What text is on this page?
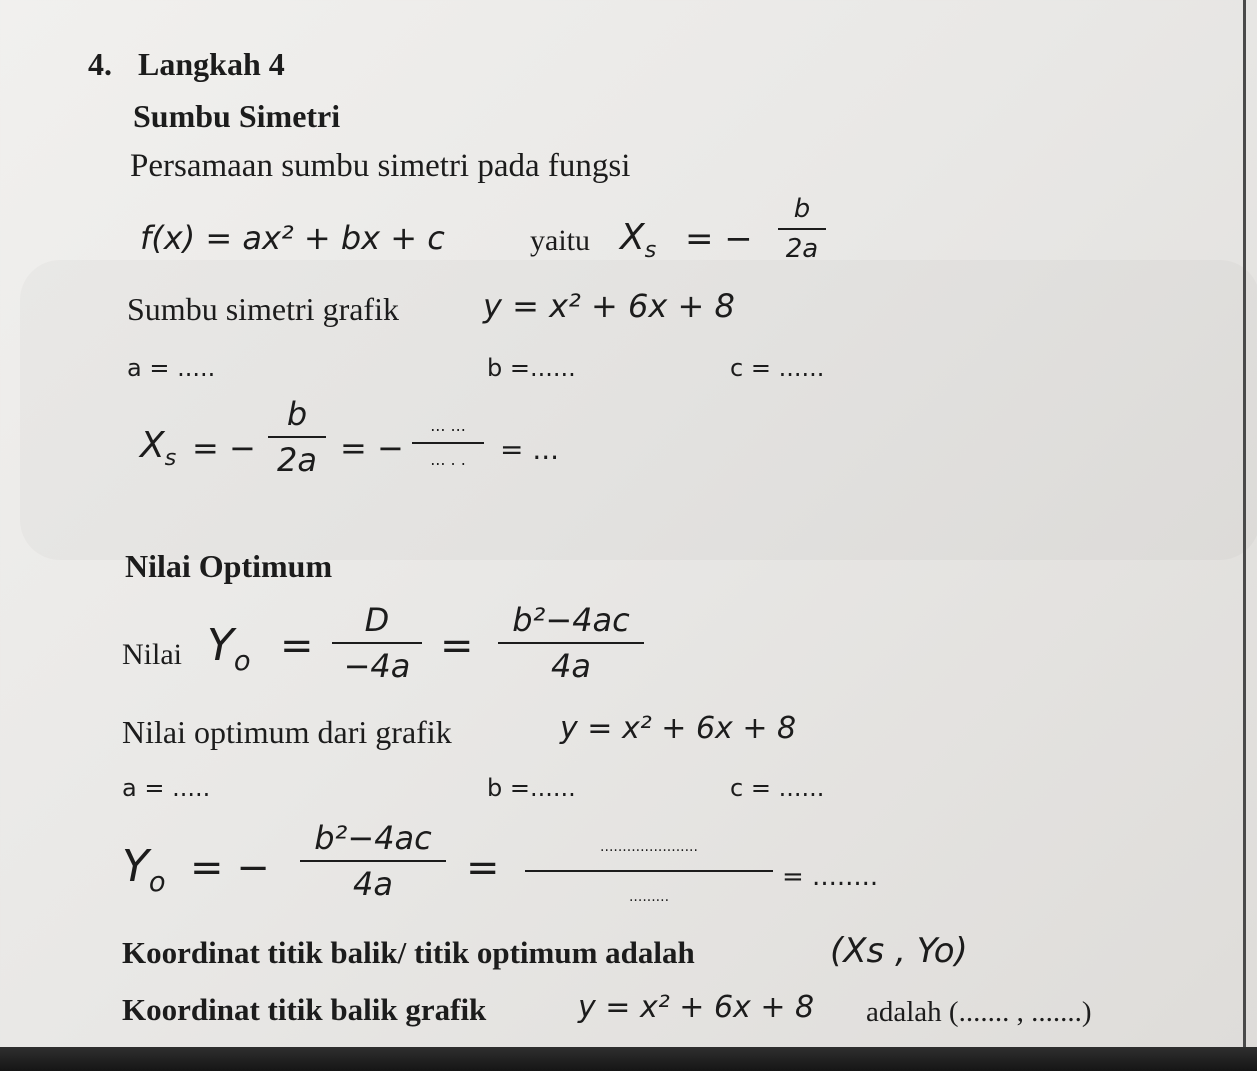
4. Langkah 4
Sumbu Simetri
Persamaan sumbu simetri pada fungsi
f(x) = ax² + bx + c	yaitu $X_s$ = −
b
2a
Sumbu simetri grafik	y = x² + 6x + 8
a = .....	b =......	c = ......
$X_s$ = −
b
2a = −
... ...
... . .	= ...
Nilai Optimum
Nilai $Y_o$ =
D
−4a =
b²−4ac
4a
Nilai optimum dari grafik	y = x² + 6x + 8
a = .....	b =......	c = ......
$Y_o$ = −
b²−4ac
4a	=	......................
.........
= ........
Koordinat titik balik/ titik optimum adalah	(Xs , Yo)
Koordinat titik balik grafik	y = x² + 6x + 8 adalah (....... , .......)
